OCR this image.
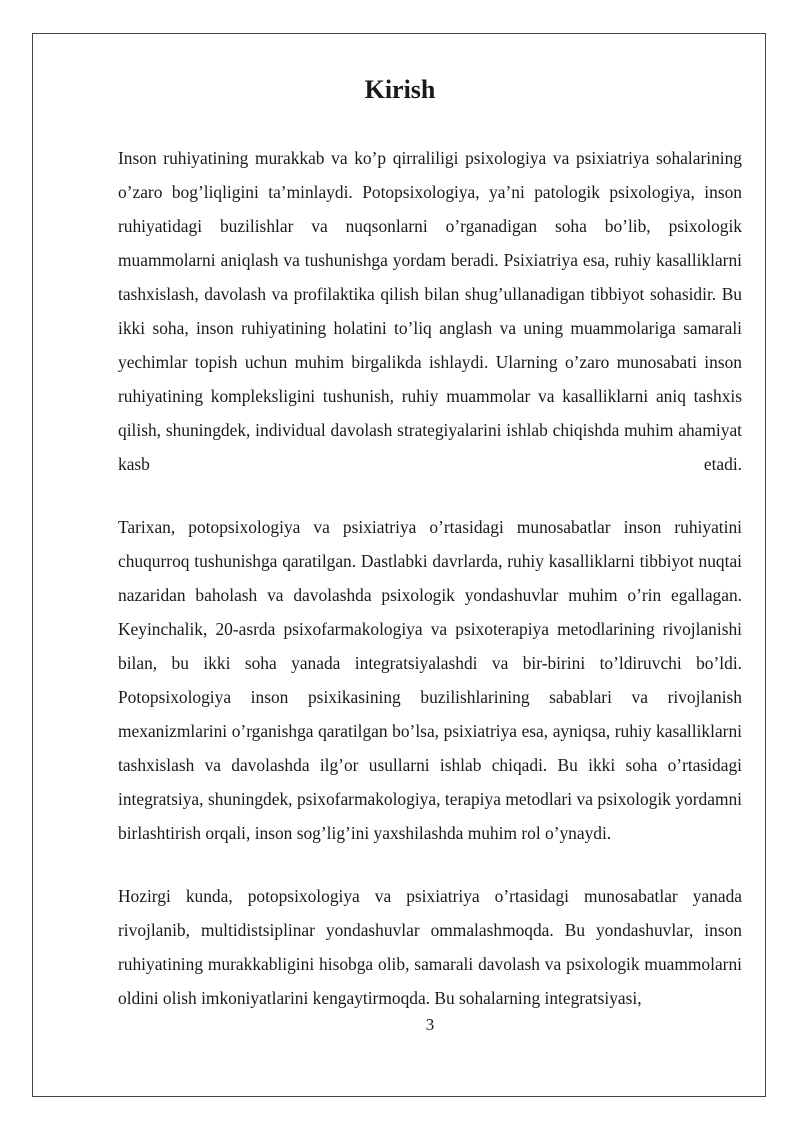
Kirish

Inson ruhiyatining murakkab va ko’p qirraliligi psixologiya va psixiatriya sohalarining o’zaro bog’liqligini ta’minlaydi. Potopsixologiya, ya’ni patologik psixologiya, inson ruhiyatidagi buzilishlar va nuqsonlarni o’rganadigan soha bo’lib, psixologik muammolarni aniqlash va tushunishga yordam beradi. Psixiatriya esa, ruhiy kasalliklarni tashxislash, davolash va profilaktika qilish bilan shug’ullanadigan tibbiyot sohasidir. Bu ikki soha, inson ruhiyatining holatini to’liq anglash va uning muammolariga samarali yechimlar topish uchun muhim birgalikda ishlaydi. Ularning o’zaro munosabati inson ruhiyatining kompleksligini tushunish, ruhiy muammolar va kasalliklarni aniq tashxis qilish, shuningdek, individual davolash strategiyalarini ishlab chiqishda muhim ahamiyat kasb etadi.

Tarixan, potopsixologiya va psixiatriya o’rtasidagi munosabatlar inson ruhiyatini chuqurroq tushunishga qaratilgan. Dastlabki davrlarda, ruhiy kasalliklarni tibbiyot nuqtai nazaridan baholash va davolashda psixologik yondashuvlar muhim o’rin egallagan. Keyinchalik, 20-asrda psixofarmakologiya va psixoterapiya metodlarining rivojlanishi bilan, bu ikki soha yanada integratsiyalashdi va bir-birini to’ldiruvchi bo’ldi. Potopsixologiya inson psixikasining buzilishlarining sabablari va rivojlanish mexanizmlarini o’rganishga qaratilgan bo’lsa, psixiatriya esa, ayniqsa, ruhiy kasalliklarni tashxislash va davolashda ilg’or usullarni ishlab chiqadi. Bu ikki soha o’rtasidagi integratsiya, shuningdek, psixofarmakologiya, terapiya metodlari va psixologik yordamni birlashtirish orqali, inson sog’lig’ini yaxshilashda muhim rol o’ynaydi.

Hozirgi kunda, potopsixologiya va psixiatriya o’rtasidagi munosabatlar yanada rivojlanib, multidistsiplinar yondashuvlar ommalashmoqda. Bu yondashuvlar, inson ruhiyatining murakkabligini hisobga olib, samarali davolash va psixologik muammolarni oldini olish imkoniyatlarini kengaytirmoqda. Bu sohalarning integratsiyasi,

3
